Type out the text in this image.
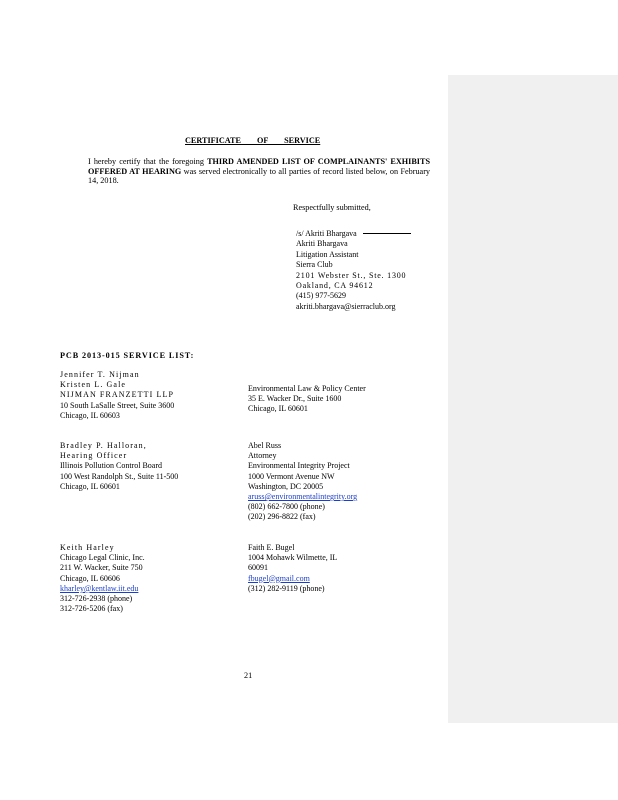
CERTIFICATE OF SERVICE

I hereby certify that the foregoing THIRD AMENDED LIST OF COMPLAINANTS' EXHIBITS OFFERED AT HEARING was served electronically to all parties of record listed below, on February 14, 2018.

Respectfully submitted,
/s/ Akriti Bhargava
Akriti Bhargava
Litigation Assistant
Sierra Club
2101 Webster St., Ste. 1300
Oakland, CA 94612
(415) 977-5629
akriti.bhargava@sierraclub.org
PCB 2013-015 SERVICE LIST:
Jennifer T. Nijman
Kristen L. Gale
NIJMAN FRANZETTI LLP
10 South LaSalle Street, Suite 3600
Chicago, IL 60603
Environmental Law & Policy Center
35 E. Wacker Dr., Suite 1600
Chicago, IL 60601
Bradley P. Halloran,
Hearing Officer
Illinois Pollution Control Board
100 West Randolph St., Suite 11-500
Chicago, IL 60601
Abel Russ
Attorney
Environmental Integrity Project
1000 Vermont Avenue NW
Washington, DC 20005
aruss@environmentalintegrity.org
(802) 662-7800 (phone)
(202) 296-8822 (fax)
Keith Harley
Chicago Legal Clinic, Inc.
211 W. Wacker, Suite 750
Chicago, IL 60606
kharley@kentlaw.iit.edu
312-726-2938 (phone)
312-726-5206 (fax)
Faith E. Bugel
1004 Mohawk Wilmette, IL
60091
fbugel@gmail.com
(312) 282-9119 (phone)
21
